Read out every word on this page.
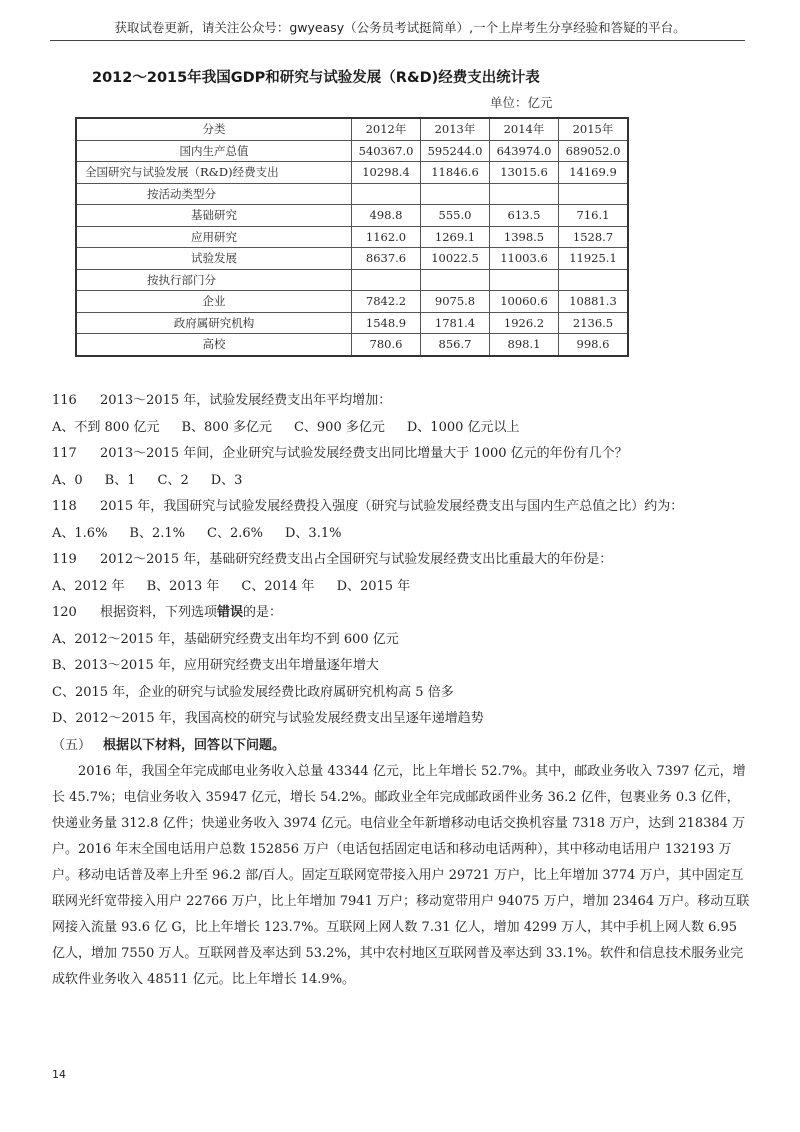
获取试卷更新，请关注公众号：gwyeasy（公务员考试挺简单）,一个上岸考生分享经验和答疑的平台。
2012～2015年我国GDP和研究与试验发展（R&D)经费支出统计表
单位：亿元
分类	2012年	2013年	2014年	2015年
国内生产总值	540367.0	595244.0	643974.0	689052.0
全国研究与试验发展（R&D)经费支出	10298.4	11846.6	13015.6	14169.9
按活动类型分				
基础研究	498.8	555.0	613.5	716.1
应用研究	1162.0	1269.1	1398.5	1528.7
试验发展	8637.6	10022.5	11003.6	11925.1
按执行部门分				
企业	7842.2	9075.8	10060.6	10881.3
政府属研究机构	1548.9	1781.4	1926.2	2136.5
高校	780.6	856.7	898.1	998.6
116 2013～2015 年，试验发展经费支出年平均增加：
A、不到 800 亿元 B、800 多亿元 C、900 多亿元 D、1000 亿元以上
117 2013～2015 年间，企业研究与试验发展经费支出同比增量大于 1000 亿元的年份有几个？
A、0 B、1 C、2 D、3
118 2015 年，我国研究与试验发展经费投入强度（研究与试验发展经费支出与国内生产总值之比）约为：
A、1.6% B、2.1% C、2.6% D、3.1%
119 2012～2015 年，基础研究经费支出占全国研究与试验发展经费支出比重最大的年份是：
A、2012 年 B、2013 年 C、2014 年 D、2015 年
120 根据资料，下列选项错误的是：
A、2012～2015 年，基础研究经费支出年均不到 600 亿元
B、2013～2015 年，应用研究经费支出年增量逐年增大
C、2015 年，企业的研究与试验发展经费比政府属研究机构高 5 倍多
D、2012～2015 年，我国高校的研究与试验发展经费支出呈逐年递增趋势
（五） 根据以下材料，回答以下问题。
2016 年，我国全年完成邮电业务收入总量 43344 亿元，比上年增长 52.7%。其中，邮政业务收入 7397 亿元，增长 45.7%；电信业务收入 35947 亿元，增长 54.2%。邮政业全年完成邮政函件业务 36.2 亿件，包裹业务 0.3 亿件，快递业务量 312.8 亿件；快递业务收入 3974 亿元。电信业全年新增移动电话交换机容量 7318 万户，达到 218384 万户。2016 年末全国电话用户总数 152856 万户（电话包括固定电话和移动电话两种），其中移动电话用户 132193 万户。移动电话普及率上升至 96.2 部/百人。固定互联网宽带接入用户 29721 万户，比上年增加 3774 万户，其中固定互联网光纤宽带接入用户 22766 万户，比上年增加 7941 万户；移动宽带用户 94075 万户，增加 23464 万户。移动互联网接入流量 93.6 亿 G，比上年增长 123.7%。互联网上网人数 7.31 亿人，增加 4299 万人，其中手机上网人数 6.95 亿人，增加 7550 万人。互联网普及率达到 53.2%，其中农村地区互联网普及率达到 33.1%。软件和信息技术服务业完成软件业务收入 48511 亿元。比上年增长 14.9%。
14
